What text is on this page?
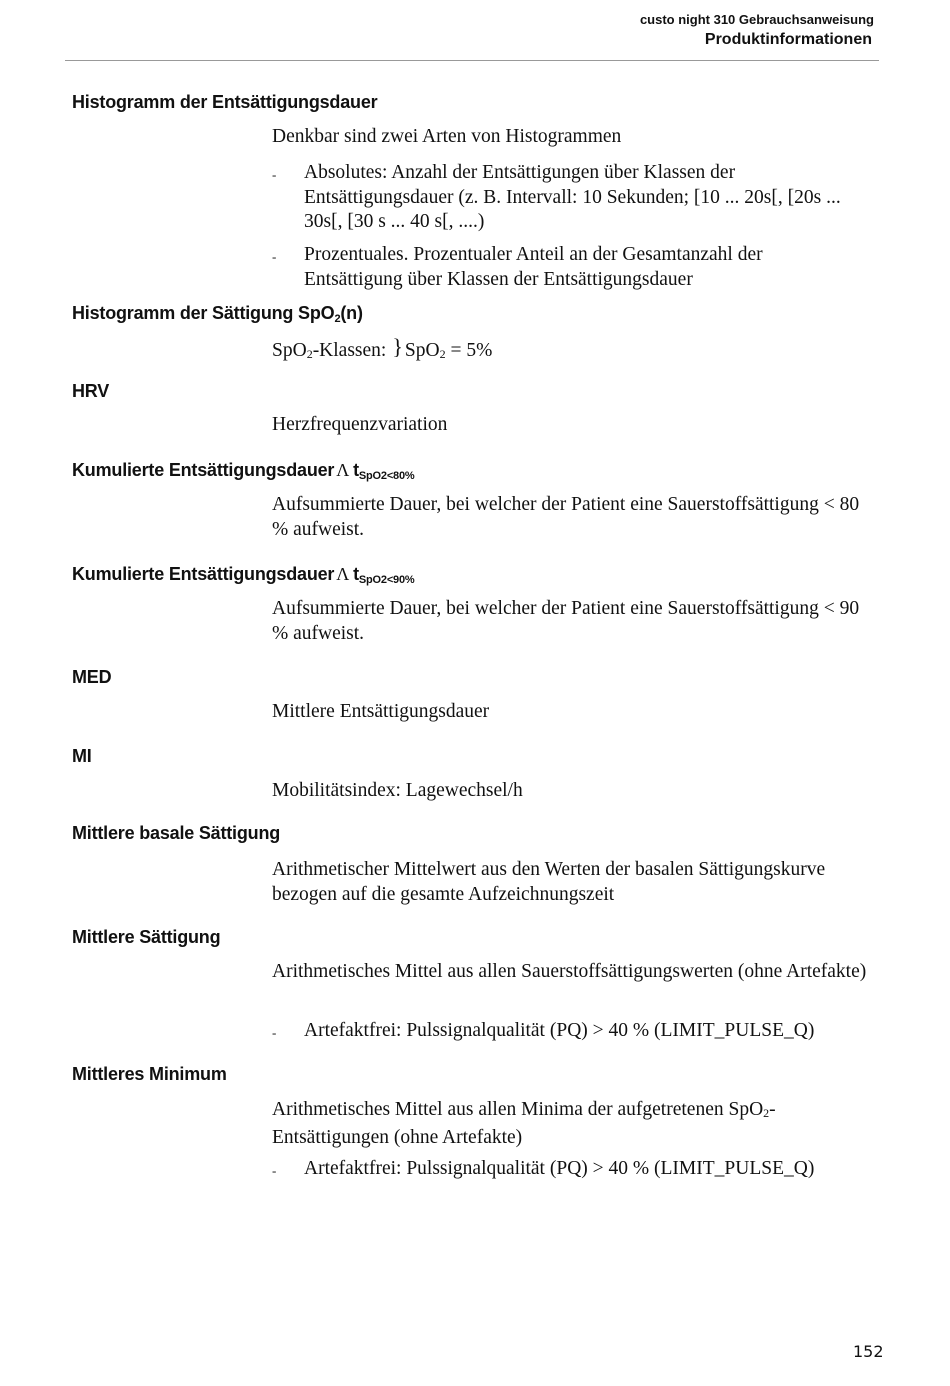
custo night 310 Gebrauchsanweisung
Produktinformationen
Histogramm der Entsättigungsdauer
Denkbar sind zwei Arten von Histogrammen
- Absolutes: Anzahl der Entsättigungen über Klassen der Entsättigungsdauer (z. B. Intervall: 10 Sekunden; [10 ... 20s[, [20s ... 30s[, [30 s ... 40 s[, ....)
- Prozentuales. Prozentualer Anteil an der Gesamtanzahl der Entsättigung über Klassen der Entsättigungsdauer
Histogramm der Sättigung SpO$_2$(n)
SpO$_2$-Klassen: } SpO$_2$ = 5%
HRV
Herzfrequenzvariation
Kumulierte Entsättigungsdauer Λ $t_{SpO2<80\%}$
Aufsummierte Dauer, bei welcher der Patient eine Sauerstoffsättigung < 80 % aufweist.
Kumulierte Entsättigungsdauer Λ $t_{SpO2<90\%}$
Aufsummierte Dauer, bei welcher der Patient eine Sauerstoffsättigung < 90 % aufweist.
MED
Mittlere Entsättigungsdauer
MI
Mobilitätsindex: Lagewechsel/h
Mittlere basale Sättigung
Arithmetischer Mittelwert aus den Werten der basalen Sättigungskurve bezogen auf die gesamte Aufzeichnungszeit
Mittlere Sättigung
Arithmetisches Mittel aus allen Sauerstoffsättigungswerten (ohne Artefakte)
- Artefaktfrei: Pulssignalqualität (PQ) > 40 % (LIMIT_PULSE_Q)
Mittleres Minimum
Arithmetisches Mittel aus allen Minima der aufgetretenen SpO$_2$-Entsättigungen (ohne Artefakte)
- Artefaktfrei: Pulssignalqualität (PQ) > 40 % (LIMIT_PULSE_Q)
152
